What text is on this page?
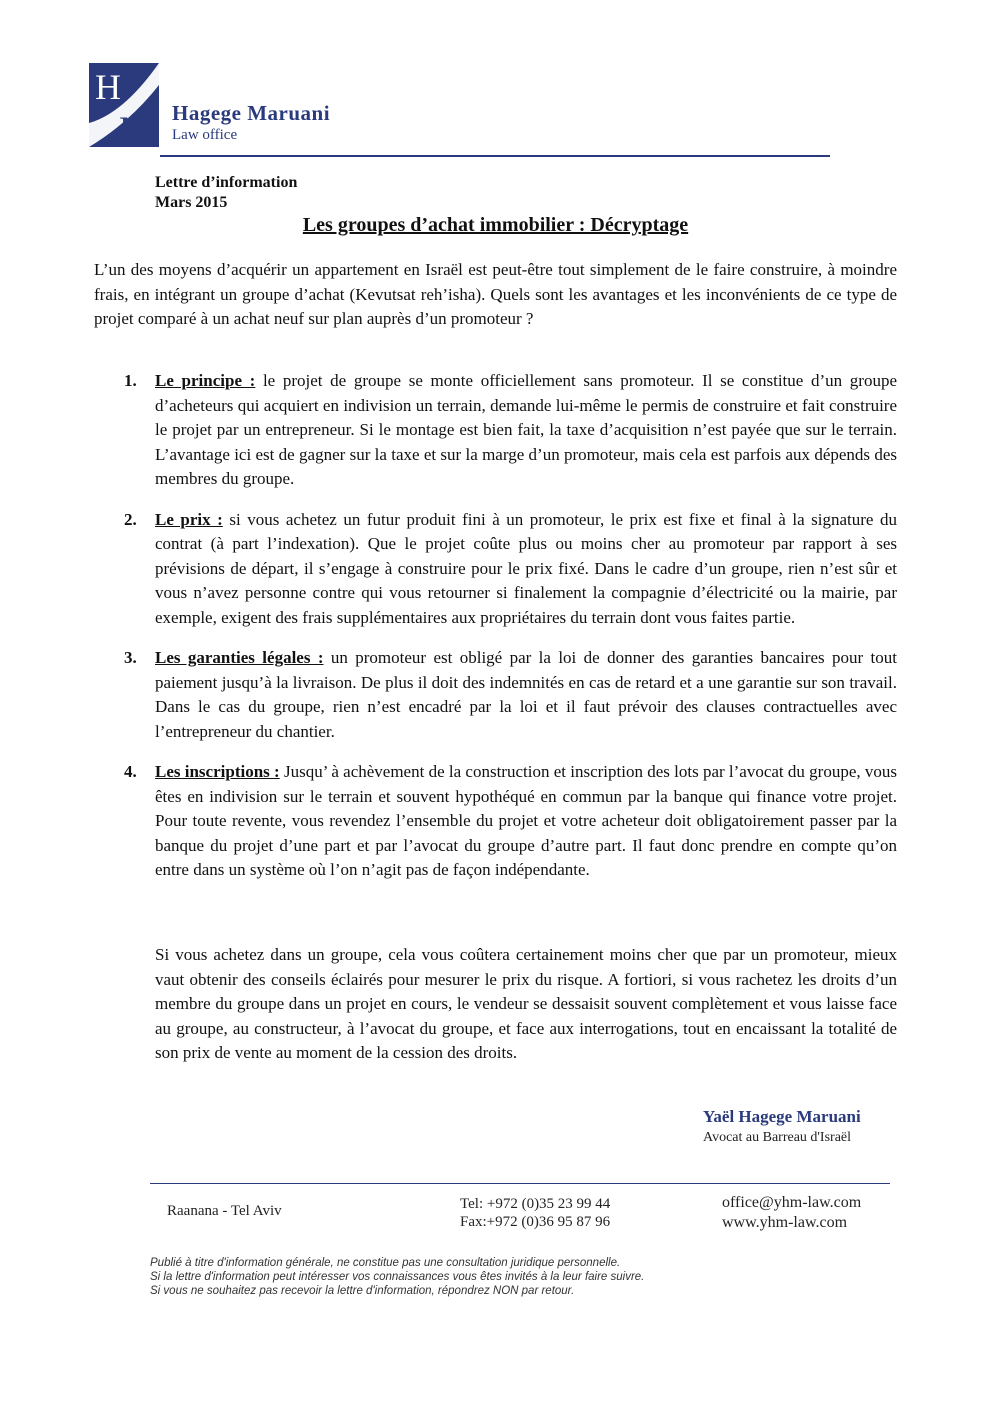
H
M Hagege Maruani
Law office
Lettre d’information
Mars 2015
Les groupes d’achat immobilier : Décryptage
L’un des moyens d’acquérir un appartement en Israël est peut-être tout simplement de le faire construire, à moindre frais, en intégrant un groupe d’achat (Kevutsat reh’isha). Quels sont les avantages et les inconvénients de ce type de projet comparé à un achat neuf sur plan auprès d’un promoteur ?
1. Le principe : le projet de groupe se monte officiellement sans promoteur. Il se constitue d’un groupe d’acheteurs qui acquiert en indivision un terrain, demande lui-même le permis de construire et fait construire le projet par un entrepreneur. Si le montage est bien fait, la taxe d’acquisition n’est payée que sur le terrain. L’avantage ici est de gagner sur la taxe et sur la marge d’un promoteur, mais cela est parfois aux dépends des membres du groupe.
2. Le prix : si vous achetez un futur produit fini à un promoteur, le prix est fixe et final à la signature du contrat (à part l’indexation). Que le projet coûte plus ou moins cher au promoteur par rapport à ses prévisions de départ, il s’engage à construire pour le prix fixé. Dans le cadre d’un groupe, rien n’est sûr et vous n’avez personne contre qui vous retourner si finalement la compagnie d’électricité ou la mairie, par exemple, exigent des frais supplémentaires aux propriétaires du terrain dont vous faites partie.
3. Les garanties légales : un promoteur est obligé par la loi de donner des garanties bancaires pour tout paiement jusqu’à la livraison. De plus il doit des indemnités en cas de retard et a une garantie sur son travail. Dans le cas du groupe, rien n’est encadré par la loi et il faut prévoir des clauses contractuelles avec l’entrepreneur du chantier.
4. Les inscriptions : Jusqu’ à achèvement de la construction et inscription des lots par l’avocat du groupe, vous êtes en indivision sur le terrain et souvent hypothéqué en commun par la banque qui finance votre projet. Pour toute revente, vous revendez l’ensemble du projet et votre acheteur doit obligatoirement passer par la banque du projet d’une part et par l’avocat du groupe d’autre part. Il faut donc prendre en compte qu’on entre dans un système où l’on n’agit pas de façon indépendante.
Si vous achetez dans un groupe, cela vous coûtera certainement moins cher que par un promoteur, mieux vaut obtenir des conseils éclairés pour mesurer le prix du risque. A fortiori, si vous rachetez les droits d’un membre du groupe dans un projet en cours, le vendeur se dessaisit souvent complètement et vous laisse face au groupe, au constructeur, à l’avocat du groupe, et face aux interrogations, tout en encaissant la totalité de son prix de vente au moment de la cession des droits.
Yaël Hagege Maruani
Avocat au Barreau d'Israël
Raanana - Tel Aviv	Tel: +972 (0)35 23 99 44
Fax:+972 (0)36 95 87 96
office@yhm-law.com
www.yhm-law.com
Publié à titre d'information générale, ne constitue pas une consultation juridique personnelle.
Si la lettre d'information peut intéresser vos connaissances vous êtes invités à la leur faire suivre.
Si vous ne souhaitez pas recevoir la lettre d'information, répondrez NON par retour.
